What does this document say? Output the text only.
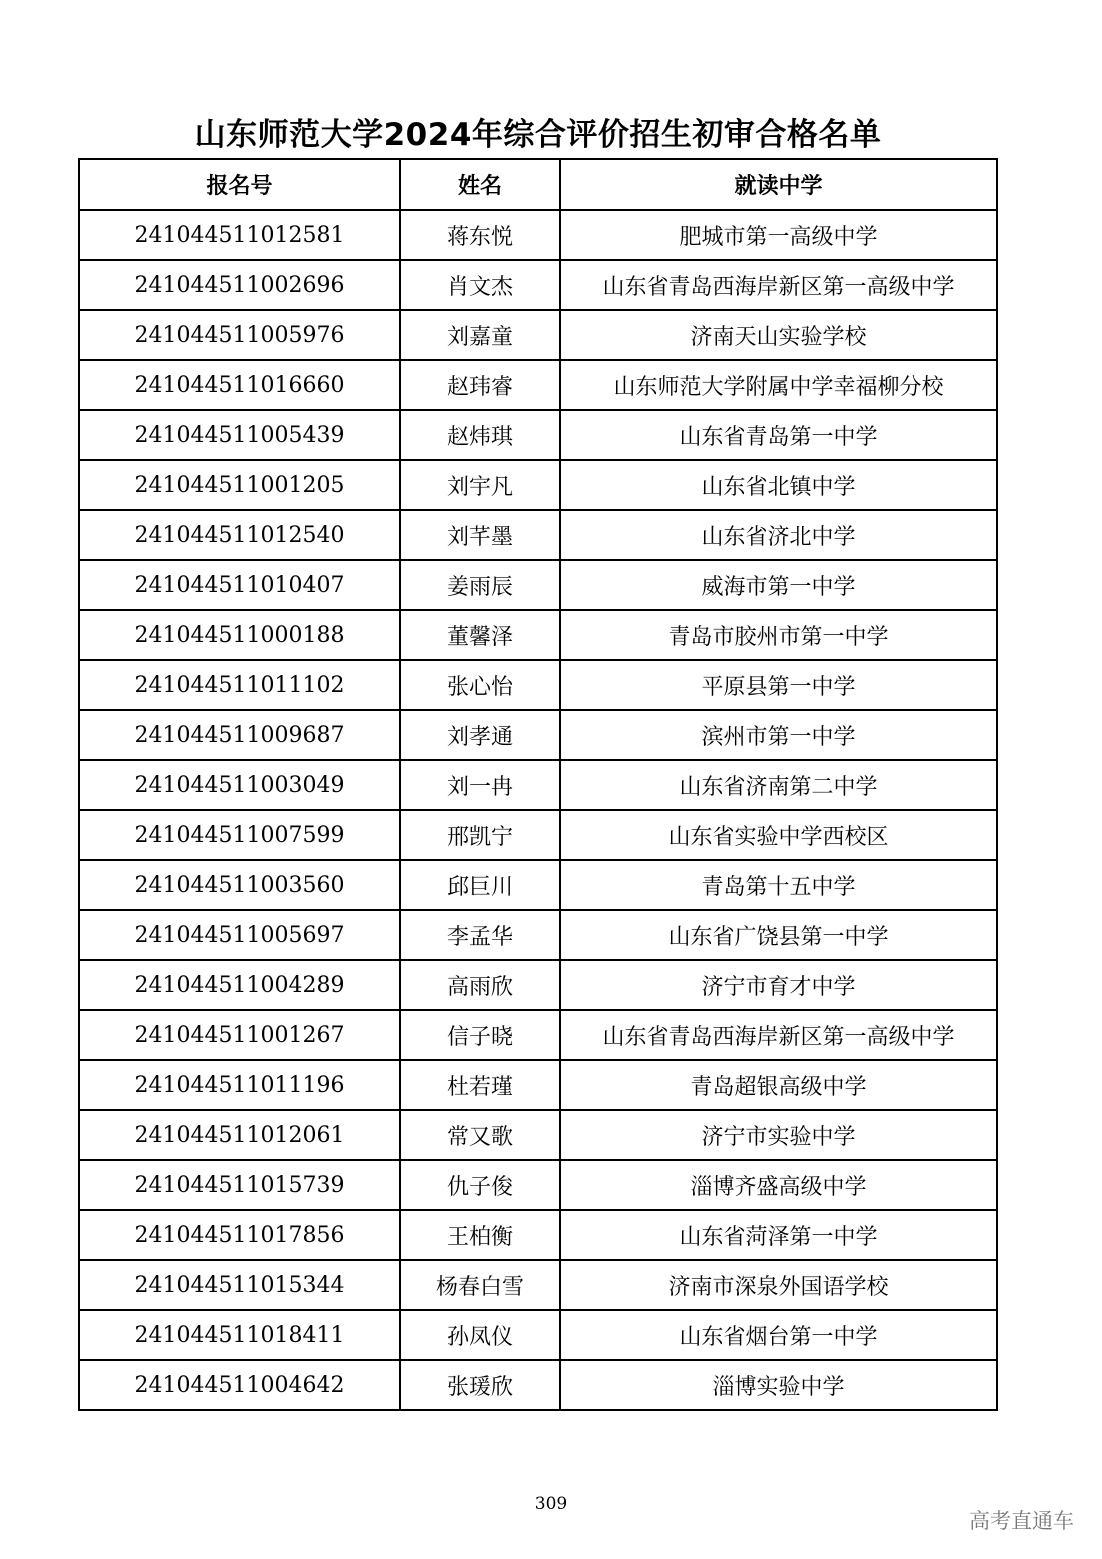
山东师范大学2024年综合评价招生初审合格名单
报名号	姓名	就读中学
241044511012581	蒋东悦	肥城市第一高级中学
241044511002696	肖文杰	山东省青岛西海岸新区第一高级中学
241044511005976	刘嘉童	济南天山实验学校
241044511016660	赵玮睿	山东师范大学附属中学幸福柳分校
241044511005439	赵炜琪	山东省青岛第一中学
241044511001205	刘宇凡	山东省北镇中学
241044511012540	刘芊墨	山东省济北中学
241044511010407	姜雨辰	威海市第一中学
241044511000188	董馨泽	青岛市胶州市第一中学
241044511011102	张心怡	平原县第一中学
241044511009687	刘孝通	滨州市第一中学
241044511003049	刘一冉	山东省济南第二中学
241044511007599	邢凯宁	山东省实验中学西校区
241044511003560	邱巨川	青岛第十五中学
241044511005697	李孟华	山东省广饶县第一中学
241044511004289	高雨欣	济宁市育才中学
241044511001267	信子晓	山东省青岛西海岸新区第一高级中学
241044511011196	杜若瑾	青岛超银高级中学
241044511012061	常又歌	济宁市实验中学
241044511015739	仇子俊	淄博齐盛高级中学
241044511017856	王柏衡	山东省菏泽第一中学
241044511015344	杨春白雪	济南市深泉外国语学校
241044511018411	孙凤仪	山东省烟台第一中学
241044511004642	张瑗欣	淄博实验中学
309
高考直通车
